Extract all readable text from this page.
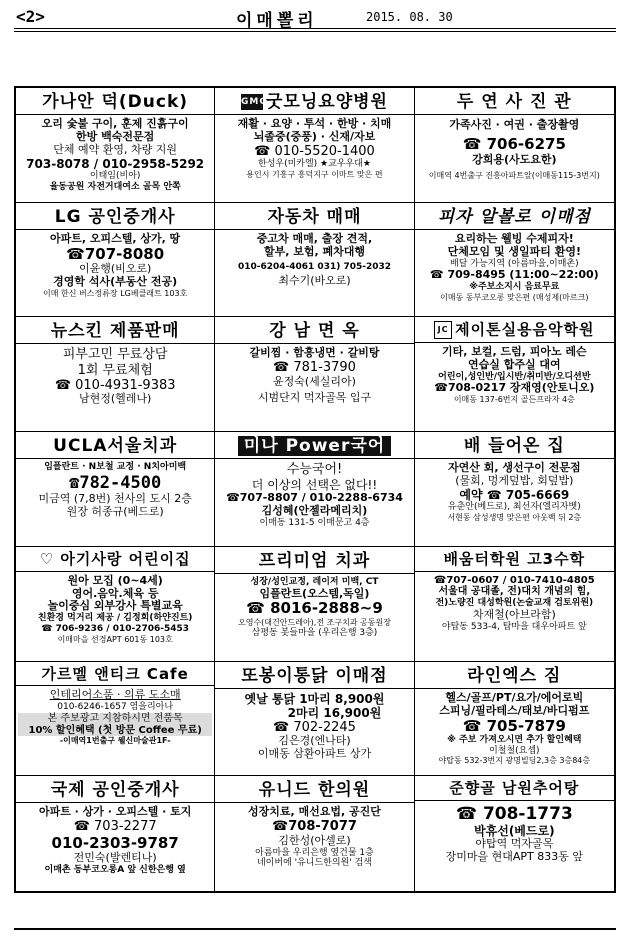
<2>	이매뽈리	2015. 08. 30
가나안 덕(Duck)
오리 숯불 구이, 훈제 진흙구이
한방 백숙전문점
단체 예약 환영, 차량 지원
703-8078 / 010-2958-5292
이태임(비아)
율동공원 자전거대여소 골목 안쪽
GMG굿모닝요양병원
재활 · 요양 · 투석 · 한방 · 치매
뇌졸중(중풍) · 신재/자보
☎ 010-5520-1400
한성우(미카엘) ★교우우대★
용인시 기흥구 흥덕지구 이마트 맞은 편
두 연 사 진 관
가족사진 · 여권 · 출장촬영
☎ 706-6275
강희용(사도요한)
이매역 4번출구 진흥아파트앞(이매동115-3번지)
LG 공인중개사
아파트, 오피스텔, 상가, 땅
☎707-8080
이윤행(비오로)
경영학 석사(부동산 전공)
이매 한신 버스정류장 LG베클래트 103호
자동차 매매
중고차 매매, 출장 견적,
할부, 보험, 폐차대행
010-6204-4061 031) 705-2032
최수기(바오로)
피자 알볼로 이매점
요리하는 웰빙 수제피자!
단체모임 및 생일파티 환영!
배달 가능지역 (아름마을,이매촌)
☎ 709-8495 (11:00~22:00)
※주보소지시 음료무료
이매동 동부코오롱 맞은편 (매성제(마르크)
뉴스킨 제품판매
피부고민 무료상담
1회 무료체험
☎ 010-4931-9383
남현정(헬레나)
강 남 면 옥
갈비찜 · 함흥냉면 · 갈비탕
☎ 781-3790
윤정숙(세실리아)
시범단지 먹자골목 입구
JC 제이톤실용음악학원
기타, 보컬, 드럼, 피아노 레슨
연습실 합주실 대여
어린이,성인반/입시반/취미반/오디션반
☎708-0217 장재영(안토니오)
이매동 137-6번지 골든프라자 4층
UCLA서울치과
임플란트 · N보철 교정 · N치아미백
☎782-4500
미금역 (7,8번) 천사의 도시 2층
원장 허종규(베드로)
미나 Power국어
수능국어!
더 이상의 선택은 없다!!
☎707-8807 / 010-2288-6734
김성혜(안젤라메리치)
이매동 131-5 이매문고 4층
배 들어온 집
자연산 회, 생선구이 전문점
(물회, 멍게덮밥, 회덮밥)
예약 ☎ 705-6669
유춘안(베드로), 최선자(엘리자벳)
서현동 삼성생명 맞은편 아웃백 뒤 2층
♡ 아기사랑 어린이집
원아 모집 (0~4세)
영어.음악.체육 등
놀이중심 외부강사 특별교육
친환경 먹거리 제공 / 김정희(하얀진트)
☎ 706-9236 / 010-2706-5453
이매마을 선경APT 601동 103호
프리미엄 치과
성장/성인교정, 레이저 미백, CT
임플란트(오스템,독일)
☎ 8016-2888~9
오영수(대건안드레아),전 조구치과 공동원장
삼평동 봇들마을 (우리은행 3층)
배움터학원 고3수학
☎707-0607 / 010-7410-4805
서울대 공대졸, 전)대치 개념의 힘,
전)노량진 대성학원(논술교재 검토위원)
차재철(아브라함)
야탑동 533-4, 탑마을 대우아파트 앞
가르멜 앤티크 Cafe
인테리어소품 · 의류 도소매
010-6246-1657 염을리아나
본 주보광고 지참하시면 전품목
10% 할인혜택 (첫 방문 Coffee 무료)
-이매역1번출구 웰신마술관1F-
또봉이통닭 이매점
옛날 통닭 1마리 8,900원
2마리 16,900원
☎ 702-2245
김은경(엔나타)
이매동 삼환아파트 상가
라인엑스 짐
헬스/골프/PT/요가/에어로빅
스피닝/필라테스/태보/바디펌프
☎ 705-7879
※ 주보 가져오시면 추가 할인혜택
이철철(요셉)
야탑동 532-3번지 광명빌딩2,3층 3층84층
국제 공인중개사
아파트 · 상가 · 오피스텔 · 토지
☎ 703-2277
010-2303-9787
전민숙(발렌티나)
이매촌 동부코오롱A 앞 신한은행 옆
유니드 한의원
성장치료, 매선요법, 공진단
☎708-7077
김한성(아셀로)
아름마을 우리은행 옆건물 1층
네이버에 '유니드한의원' 검색
준향골 남원추어탕
☎ 708-1773
박휴선(베드로)
야탑역 먹자골목
장미마을 현대APT 833동 앞
